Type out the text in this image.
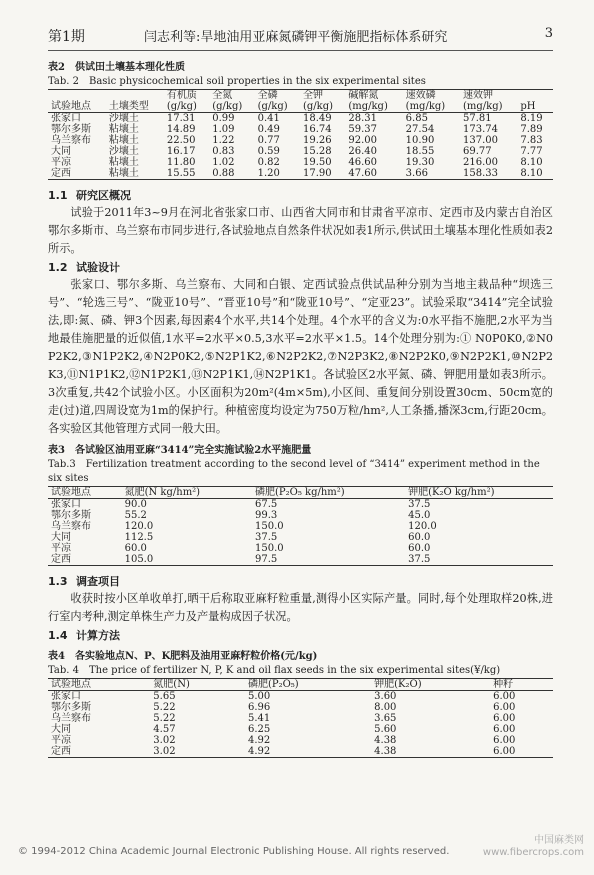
第1期	闫志利等:旱地油用亚麻氮磷钾平衡施肥指标体系研究	3

表2　供试田土壤基本理化性质

Tab. 2　Basic physicochemical soil properties in the six experimental sites

		有机质	全氮	全磷	全钾	碱解氮	速效磷	速效钾	
试验地点	土壤类型	(g/kg)	(g/kg)	(g/kg)	(g/kg)	(mg/kg)	(mg/kg)	(mg/kg)	pH
张家口	沙壤土	17.31	0.99	0.41	18.49	28.31	6.85	57.81	8.19
鄂尔多斯	粘壤土	14.89	1.09	0.49	16.74	59.37	27.54	173.74	7.89
乌兰察布	粘壤土	22.50	1.22	0.77	19.26	92.00	10.90	137.00	7.83
大同	沙壤土	16.17	0.83	0.59	15.28	26.40	18.55	69.77	7.77
平凉	粘壤土	11.80	1.02	0.82	19.50	46.60	19.30	216.00	8.10
定西	粘壤土	15.55	0.88	1.20	17.90	47.60	3.66	158.33	8.10

1.1 研究区概况

试验于2011年3~9月在河北省张家口市、山西省大同市和甘肃省平凉市、定西市及内蒙古自治区鄂尔多斯市、乌兰察布市同步进行,各试验地点自然条件状况如表1所示,供试田土壤基本理化性质如表2所示。

1.2 试验设计

张家口、鄂尔多斯、乌兰察布、大同和白银、定西试验点供试品种分别为当地主栽品种“坝选三号”、“轮选三号”、“陇亚10号”、“晋亚10号”和“陇亚10号”、“定亚23”。试验采取“3414”完全试验法,即:氮、磷、钾3个因素,每因素4个水平,共14个处理。4个水平的含义为:0水平指不施肥,2水平为当地最佳施肥量的近似值,1水平=2水平×0.5,3水平=2水平×1.5。14个处理分别为:① N0P0K0,②N0P2K2,③N1P2K2,④N2P0K2,⑤N2P1K2,⑥N2P2K2,⑦N2P3K2,⑧N2P2K0,⑨N2P2K1,⑩N2P2K3,⑪N1P1K2,⑫N1P2K1,⑬N2P1K1,⑭N2P1K1。各试验区2水平氮、磷、钾肥用量如表3所示。3次重复,共42个试验小区。小区面积为20m²(4m×5m),小区间、重复间分别设置30cm、50cm宽的走(过)道,四周设宽为1m的保护行。种植密度均设定为750万粒/hm²,人工条播,播深3cm,行距20cm。各实验区其他管理方式同一般大田。

表3　各试验区油用亚麻“3414”完全实施试验2水平施肥量

Tab.3　Fertilization treatment according to the second level of “3414” experiment method in the six sites

试验地点	氮肥(N kg/hm²)	磷肥(P₂O₅ kg/hm²)	钾肥(K₂O kg/hm²)
张家口	90.0	67.5	37.5
鄂尔多斯	55.2	99.3	45.0
乌兰察布	120.0	150.0	120.0
大同	112.5	37.5	60.0
平凉	60.0	150.0	60.0
定西	105.0	97.5	37.5

1.3 调查项目

收获时按小区单收单打,晒干后称取亚麻籽粒重量,测得小区实际产量。同时,每个处理取样20株,进行室内考种,测定单株生产力及产量构成因子状况。

1.4 计算方法

表4　各实验地点N、P、K肥料及油用亚麻籽粒价格(元/kg)

Tab. 4　The price of fertilizer N, P, K and oil flax seeds in the six experimental sites(¥/kg)

试验地点	氮肥(N)	磷肥(P₂O₅)	钾肥(K₂O)	种籽
张家口	5.65	5.00	3.60	6.00
鄂尔多斯	5.22	6.96	8.00	6.00
乌兰察布	5.22	5.41	3.65	6.00
大同	4.57	6.25	5.60	6.00
平凉	3.02	4.92	4.38	6.00
定西	3.02	4.92	4.38	6.00
© 1994-2012 China Academic Journal Electronic Publishing House. All rights reserved.
中国麻类网
www.fibercrops.com
